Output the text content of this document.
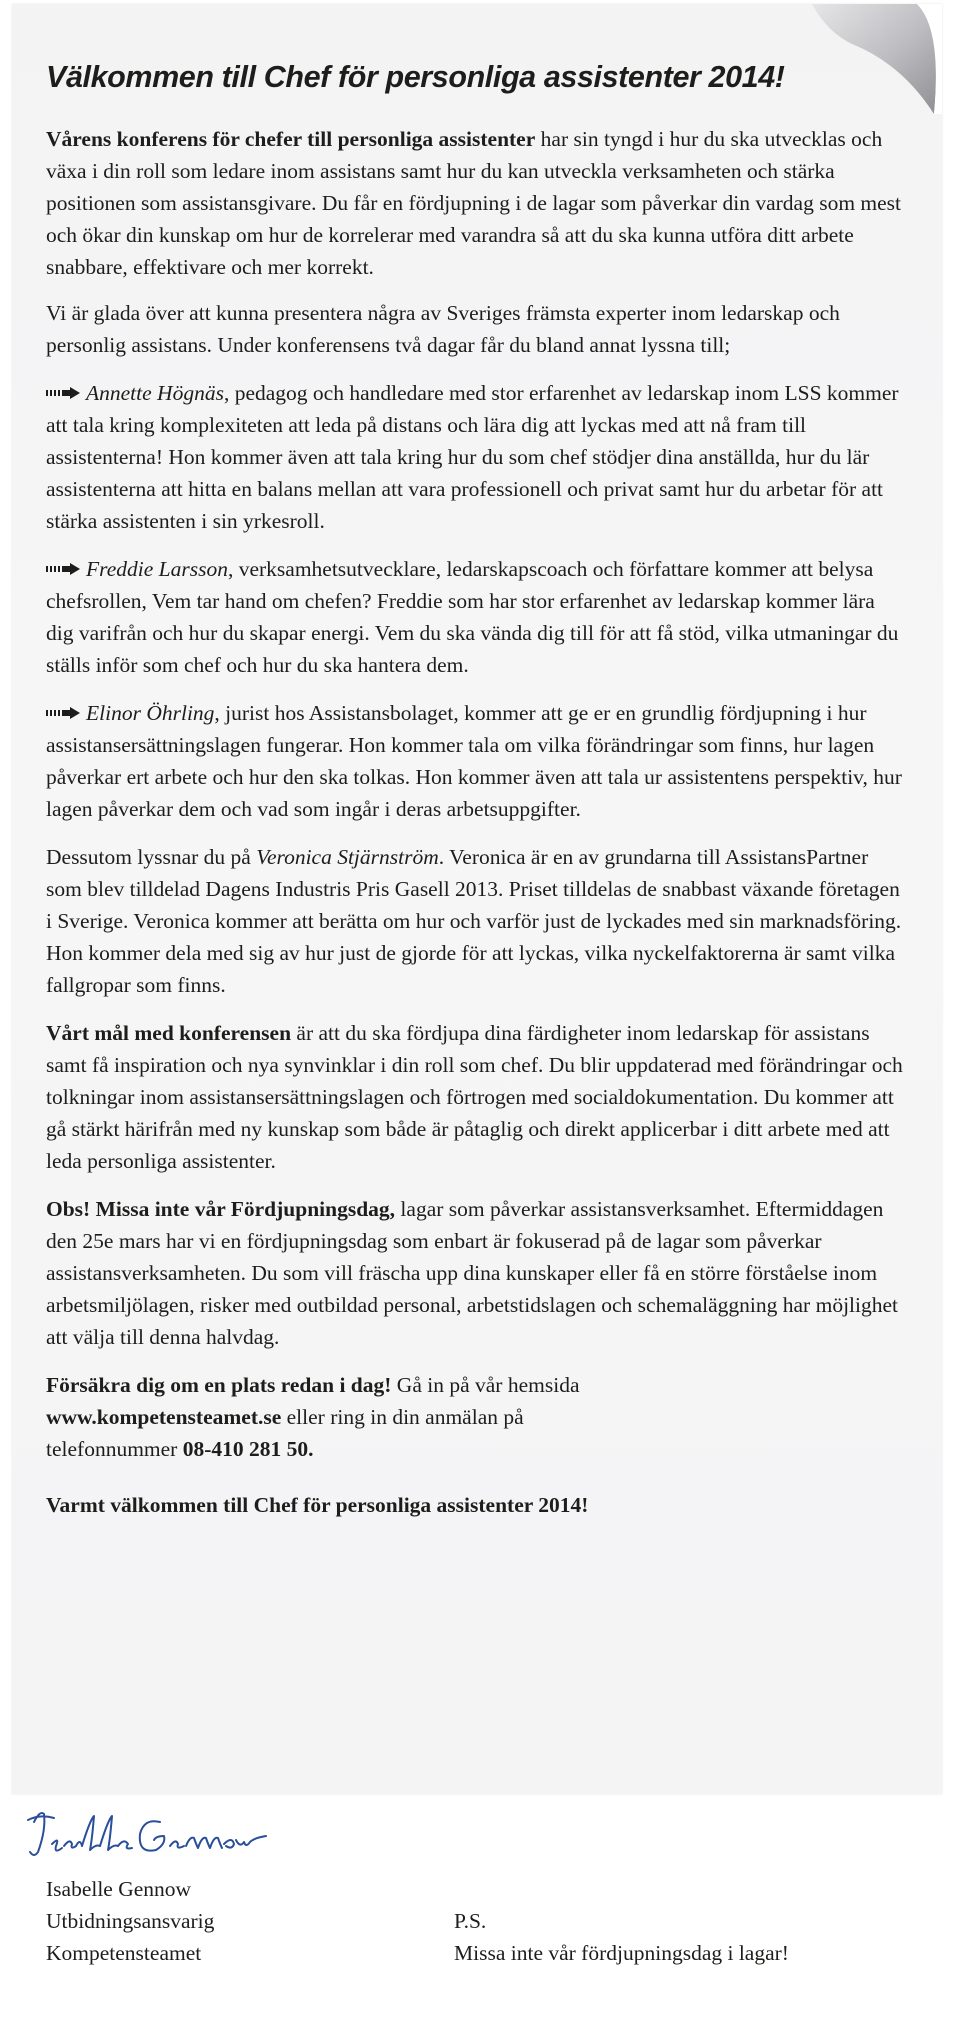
Välkommen till Chef för personliga assistenter 2014!

Vårens konferens för chefer till personliga assistenter har sin tyngd i hur du ska utvecklas och växa i din roll som ledare inom assistans samt hur du kan utveckla verksamheten och stärka positionen som assistansgivare. Du får en fördjupning i de lagar som påverkar din vardag som mest och ökar din kunskap om hur de korrelerar med varandra så att du ska kunna utföra ditt arbete snabbare, effektivare och mer korrekt.

Vi är glada över att kunna presentera några av Sveriges främsta experter inom ledarskap och personlig assistans. Under konferensens två dagar får du bland annat lyssna till;

Annette Högnäs, pedagog och handledare med stor erfarenhet av ledarskap inom LSS kommer att tala kring komplexiteten att leda på distans och lära dig att lyckas med att nå fram till assistenterna! Hon kommer även att tala kring hur du som chef stödjer dina anställda, hur du lär assistenterna att hitta en balans mellan att vara professionell och privat samt hur du arbetar för att stärka assistenten i sin yrkesroll.

Freddie Larsson, verksamhetsutvecklare, ledarskapscoach och författare kommer att belysa chefsrollen, Vem tar hand om chefen? Freddie som har stor erfarenhet av ledarskap kommer lära dig varifrån och hur du skapar energi. Vem du ska vända dig till för att få stöd, vilka utmaningar du ställs inför som chef och hur du ska hantera dem.

Elinor Öhrling, jurist hos Assistansbolaget, kommer att ge er en grundlig fördjupning i hur assistansersättningslagen fungerar. Hon kommer tala om vilka förändringar som finns, hur lagen påverkar ert arbete och hur den ska tolkas. Hon kommer även att tala ur assistentens perspektiv, hur lagen påverkar dem och vad som ingår i deras arbetsuppgifter.

Dessutom lyssnar du på Veronica Stjärnström. Veronica är en av grundarna till AssistansPartner som blev tilldelad Dagens Industris Pris Gasell 2013. Priset tilldelas de snabbast växande företagen i Sverige. Veronica kommer att berätta om hur och varför just de lyckades med sin marknadsföring. Hon kommer dela med sig av hur just de gjorde för att lyckas, vilka nyckelfaktorerna är samt vilka fallgropar som finns.

Vårt mål med konferensen är att du ska fördjupa dina färdigheter inom ledarskap för assistans samt få inspiration och nya synvinklar i din roll som chef. Du blir uppdaterad med förändringar och tolkningar inom assistansersättningslagen och förtrogen med socialdokumentation. Du kommer att gå stärkt härifrån med ny kunskap som både är påtaglig och direkt applicerbar i ditt arbete med att leda personliga assistenter.

Obs! Missa inte vår Fördjupningsdag, lagar som påverkar assistansverksamhet. Eftermiddagen den 25e mars har vi en fördjupningsdag som enbart är fokuserad på de lagar som påverkar assistansverksamheten. Du som vill fräscha upp dina kunskaper eller få en större förståelse inom arbetsmiljölagen, risker med outbildad personal, arbetstidslagen och schemaläggning har möjlighet att välja till denna halvdag.

Försäkra dig om en plats redan i dag! Gå in på vår hemsida
www.kompetensteamet.se eller ring in din anmälan på
telefonnummer 08-410 281 50.

Varmt välkommen till Chef för personliga assistenter 2014!

Isabelle Gennow
Isabelle Gennow
Utbidningsansvarig
Kompetensteamet
P.S.
Missa inte vår fördjupningsdag i lagar!
